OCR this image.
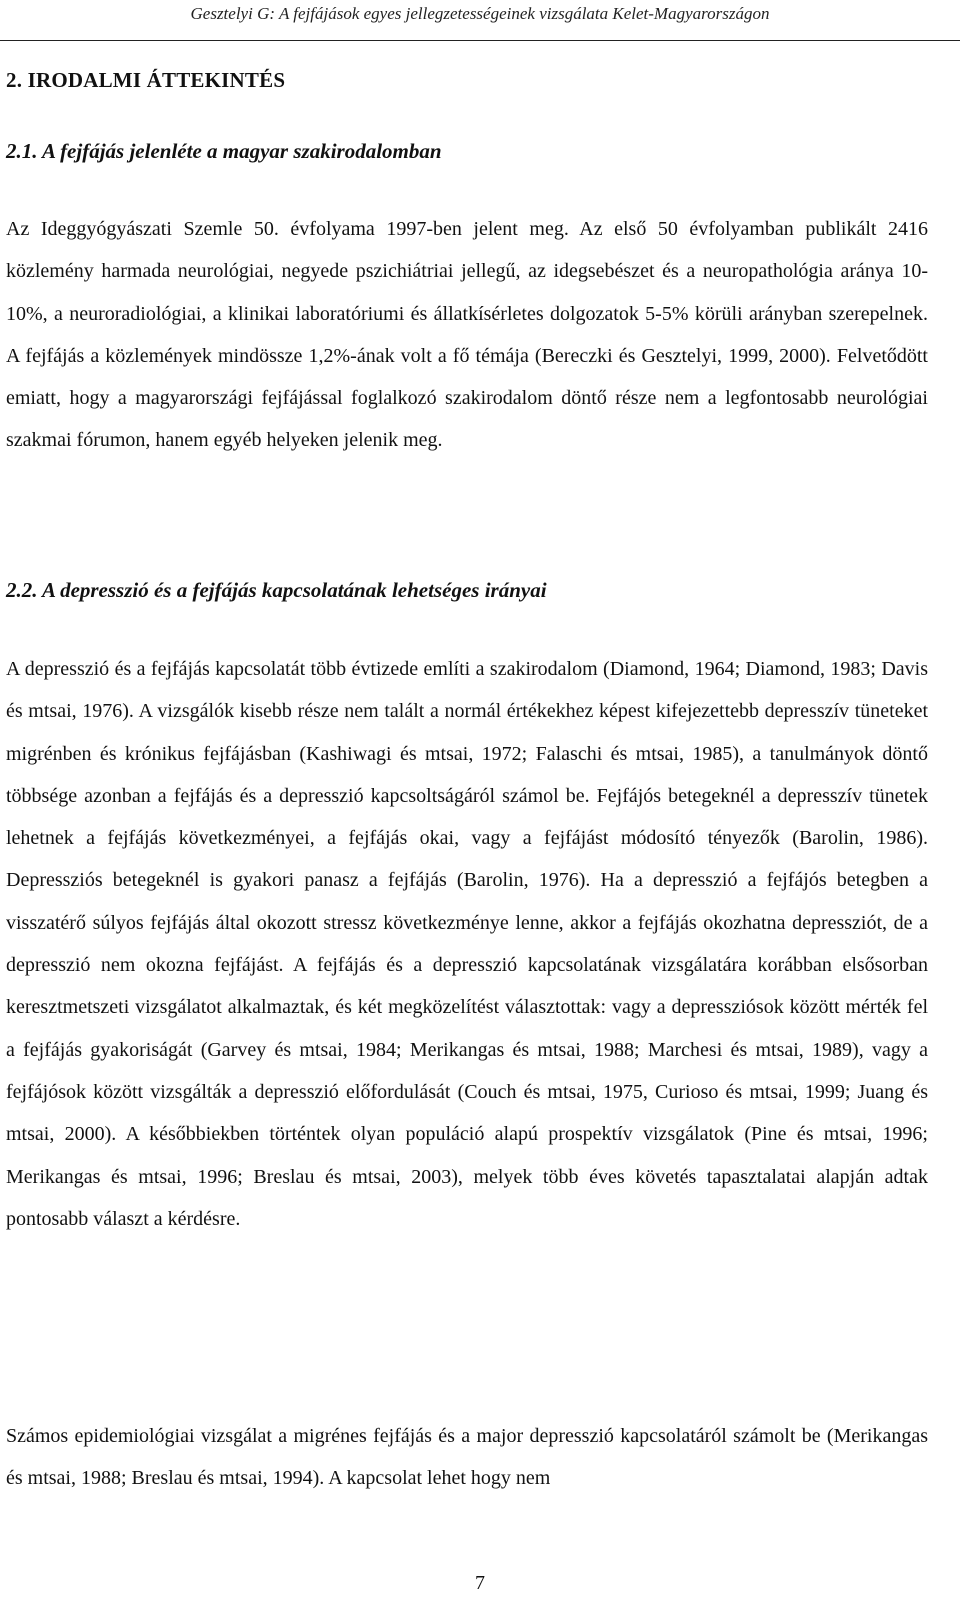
Gesztelyi G: A fejfájások egyes jellegzetességeinek vizsgálata Kelet-Magyarországon
2. IRODALMI ÁTTEKINTÉS
2.1. A fejfájás jelenléte a magyar szakirodalomban
Az Ideggyógyászati Szemle 50. évfolyama 1997-ben jelent meg. Az első 50 évfolyamban publikált 2416 közlemény harmada neurológiai, negyede pszichiátriai jellegű, az idegsebészet és a neuropathológia aránya 10-10%, a neuroradiológiai, a klinikai laboratóriumi és állatkísérletes dolgozatok 5-5% körüli arányban szerepelnek. A fejfájás a közlemények mindössze 1,2%-ának volt a fő témája (Bereczki és Gesztelyi, 1999, 2000). Felvetődött emiatt, hogy a magyarországi fejfájással foglalkozó szakirodalom döntő része nem a legfontosabb neurológiai szakmai fórumon, hanem egyéb helyeken jelenik meg.
2.2. A depresszió és a fejfájás kapcsolatának lehetséges irányai
A depresszió és a fejfájás kapcsolatát több évtizede említi a szakirodalom (Diamond, 1964; Diamond, 1983; Davis és mtsai, 1976). A vizsgálók kisebb része nem talált a normál értékekhez képest kifejezettebb depresszív tüneteket migrénben és krónikus fejfájásban (Kashiwagi és mtsai, 1972; Falaschi és mtsai, 1985), a tanulmányok döntő többsége azonban a fejfájás és a depresszió kapcsoltságáról számol be. Fejfájós betegeknél a depresszív tünetek lehetnek a fejfájás következményei, a fejfájás okai, vagy a fejfájást módosító tényezők (Barolin, 1986). Depressziós betegeknél is gyakori panasz a fejfájás (Barolin, 1976). Ha a depresszió a fejfájós betegben a visszatérő súlyos fejfájás által okozott stressz következménye lenne, akkor a fejfájás okozhatna depressziót, de a depresszió nem okozna fejfájást. A fejfájás és a depresszió kapcsolatának vizsgálatára korábban elsősorban keresztmetszeti vizsgálatot alkalmaztak, és két megközelítést választottak: vagy a depressziósok között mérték fel a fejfájás gyakoriságát (Garvey és mtsai, 1984; Merikangas és mtsai, 1988; Marchesi és mtsai, 1989), vagy a fejfájósok között vizsgálták a depresszió előfordulását (Couch és mtsai, 1975, Curioso és mtsai, 1999; Juang és mtsai, 2000). A későbbiekben történtek olyan populáció alapú prospektív vizsgálatok (Pine és mtsai, 1996; Merikangas és mtsai, 1996; Breslau és mtsai, 2003), melyek több éves követés tapasztalatai alapján adtak pontosabb választ a kérdésre.
Számos epidemiológiai vizsgálat a migrénes fejfájás és a major depresszió kapcsolatáról számolt be (Merikangas és mtsai, 1988; Breslau és mtsai, 1994). A kapcsolat lehet hogy nem
7
